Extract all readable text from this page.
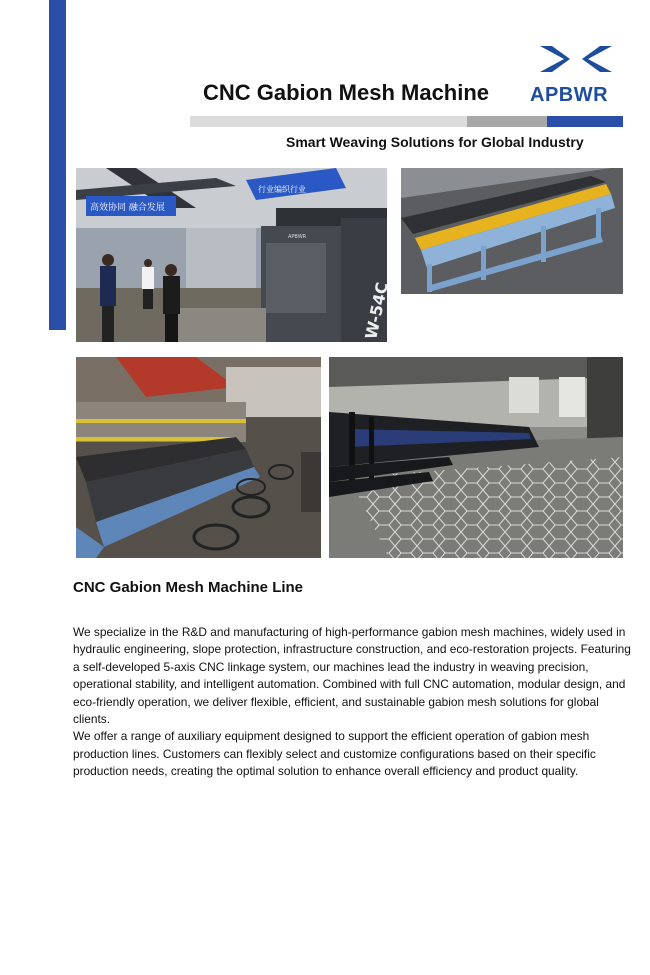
CNC Gabion Mesh Machine APBWR
Smart Weaving Solutions for Global Industry
高效协同 融合发展
行业编织行业
APBWR
W-54C
CNC Gabion Mesh Machine Line

We specialize in the R&D and manufacturing of high-performance gabion mesh machines, widely used in hydraulic engineering, slope protection, infrastructure construction, and eco-restoration projects. Featuring a self-developed 5-axis CNC linkage system, our machines lead the industry in weaving precision, operational stability, and intelligent automation. Combined with full CNC automation, modular design, and eco-friendly operation, we deliver flexible, efficient, and sustainable gabion mesh solutions for global clients.

We offer a range of auxiliary equipment designed to support the efficient operation of gabion mesh production lines. Customers can flexibly select and customize configurations based on their specific production needs, creating the optimal solution to enhance overall efficiency and product quality.
